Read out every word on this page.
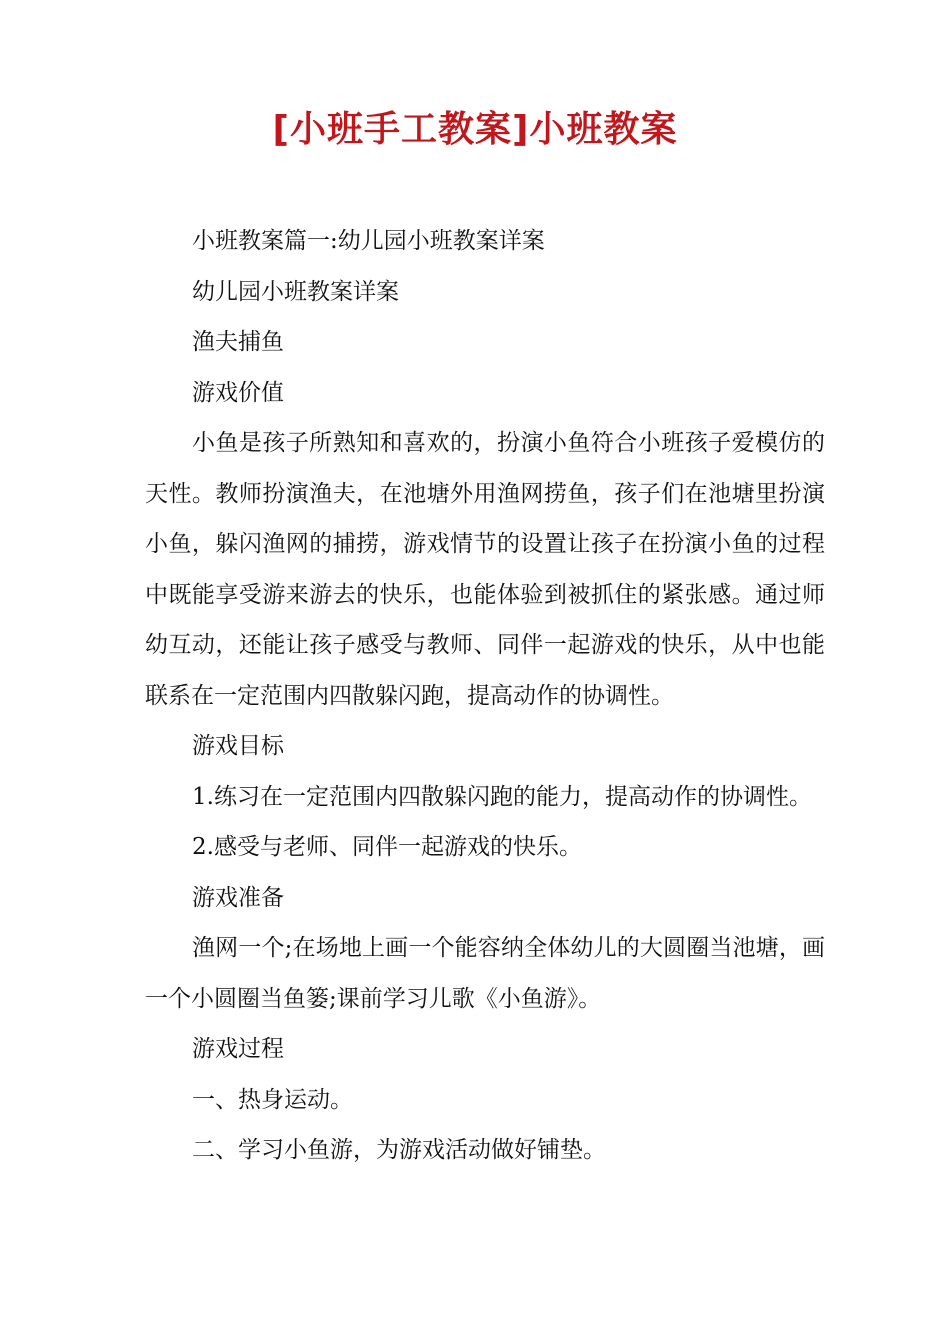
[小班手工教案]小班教案

小班教案篇一:幼儿园小班教案详案

幼儿园小班教案详案

渔夫捕鱼

游戏价值

小鱼是孩子所熟知和喜欢的，扮演小鱼符合小班孩子爱模仿的天性。教师扮演渔夫，在池塘外用渔网捞鱼，孩子们在池塘里扮演小鱼，躲闪渔网的捕捞，游戏情节的设置让孩子在扮演小鱼的过程中既能享受游来游去的快乐，也能体验到被抓住的紧张感。通过师幼互动，还能让孩子感受与教师、同伴一起游戏的快乐，从中也能联系在一定范围内四散躲闪跑，提高动作的协调性。

游戏目标

1.练习在一定范围内四散躲闪跑的能力，提高动作的协调性。

2.感受与老师、同伴一起游戏的快乐。

游戏准备

渔网一个;在场地上画一个能容纳全体幼儿的大圆圈当池塘，画一个小圆圈当鱼篓;课前学习儿歌《小鱼游》。

游戏过程

一、热身运动。

二、学习小鱼游，为游戏活动做好铺垫。
